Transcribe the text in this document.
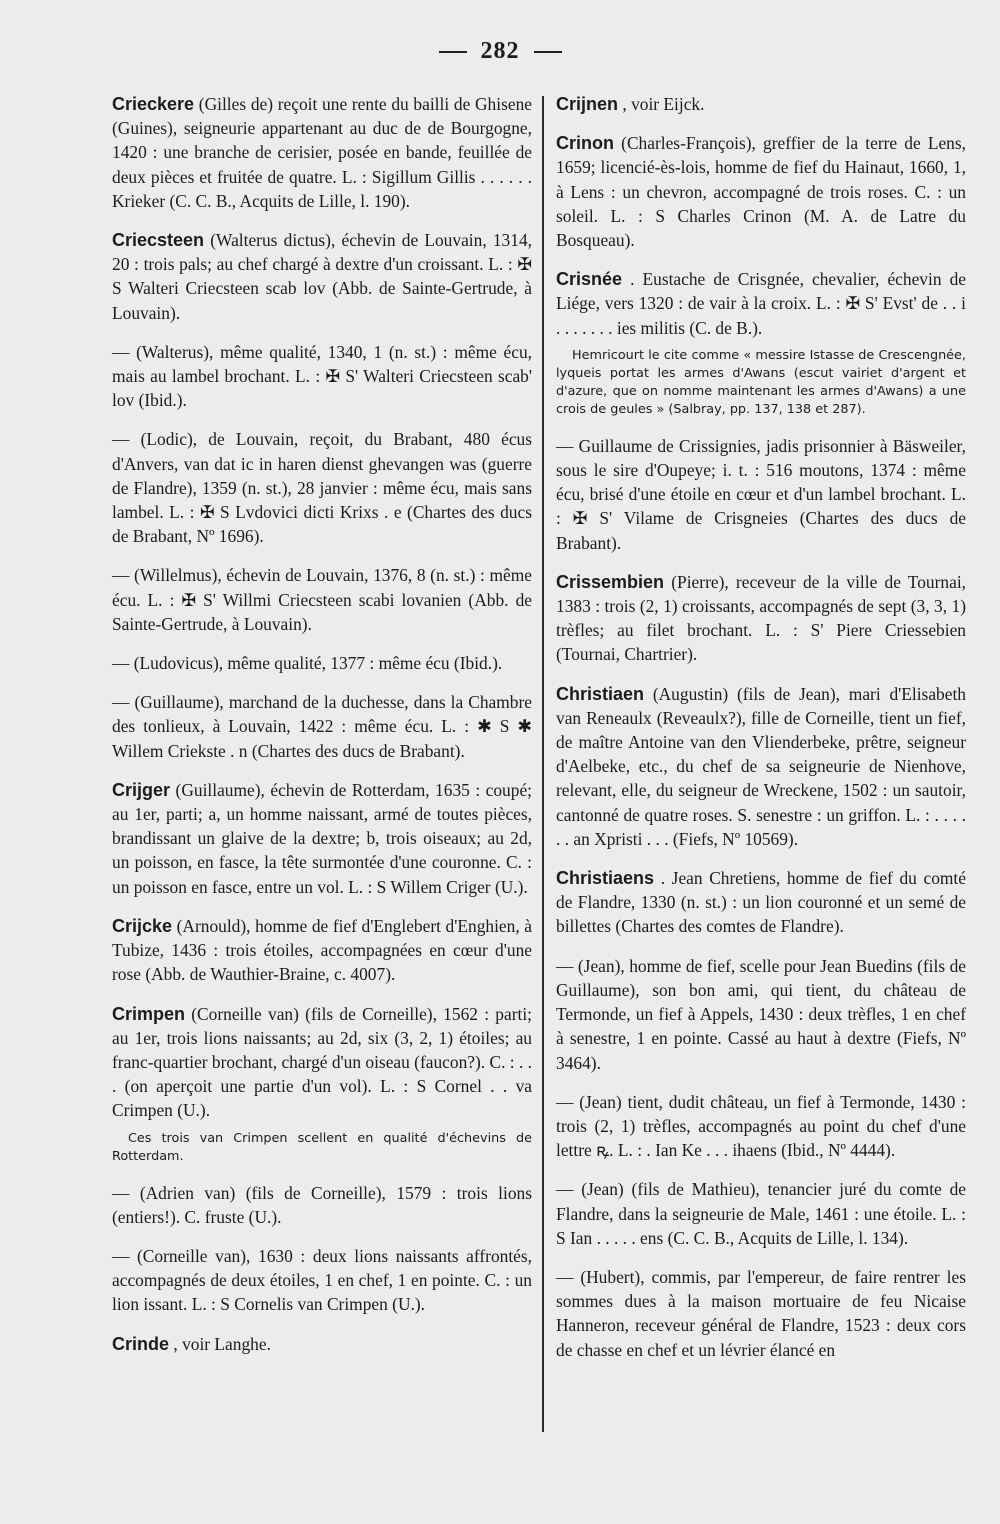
282

Crieckere (Gilles de) reçoit une rente du bailli de Ghisene (Guines), seigneurie appartenant au duc de de Bourgogne, 1420 : une branche de cerisier, posée en bande, feuillée de deux pièces et fruitée de quatre. L. : Sigillum Gillis . . . . . . Krieker (C. C. B., Acquits de Lille, l. 190).

Criecsteen (Walterus dictus), échevin de Louvain, 1314, 20 : trois pals; au chef chargé à dextre d'un croissant. L. : ✠ S Walteri Criecsteen scab lov (Abb. de Sainte-Gertrude, à Louvain).

— (Walterus), même qualité, 1340, 1 (n. st.) : même écu, mais au lambel brochant. L. : ✠ S' Walteri Criecsteen scab' lov (Ibid.).

— (Lodic), de Louvain, reçoit, du Brabant, 480 écus d'Anvers, van dat ic in haren dienst ghevangen was (guerre de Flandre), 1359 (n. st.), 28 janvier : même écu, mais sans lambel. L. : ✠ S Lvdovici dicti Krixs . e (Chartes des ducs de Brabant, Nº 1696).

— (Willelmus), échevin de Louvain, 1376, 8 (n. st.) : même écu. L. : ✠ S' Willmi Criecsteen scabi lovanien (Abb. de Sainte-Gertrude, à Louvain).

— (Ludovicus), même qualité, 1377 : même écu (Ibid.).

— (Guillaume), marchand de la duchesse, dans la Chambre des tonlieux, à Louvain, 1422 : même écu. L. : ✱ S ✱ Willem Criekste . n (Chartes des ducs de Brabant).

Crijger (Guillaume), échevin de Rotterdam, 1635 : coupé; au 1er, parti; a, un homme naissant, armé de toutes pièces, brandissant un glaive de la dextre; b, trois oiseaux; au 2d, un poisson, en fasce, la tête surmontée d'une couronne. C. : un poisson en fasce, entre un vol. L. : S Willem Criger (U.).

Crijcke (Arnould), homme de fief d'Englebert d'Enghien, à Tubize, 1436 : trois étoiles, accompagnées en cœur d'une rose (Abb. de Wauthier-Braine, c. 4007).

Crimpen (Corneille van) (fils de Corneille), 1562 : parti; au 1er, trois lions naissants; au 2d, six (3, 2, 1) étoiles; au franc-quartier brochant, chargé d'un oiseau (faucon?). C. : . . . (on aperçoit une partie d'un vol). L. : S Cornel . . va Crimpen (U.).

Ces trois van Crimpen scellent en qualité d'échevins de Rotterdam.

— (Adrien van) (fils de Corneille), 1579 : trois lions (entiers!). C. fruste (U.).

— (Corneille van), 1630 : deux lions naissants affrontés, accompagnés de deux étoiles, 1 en chef, 1 en pointe. C. : un lion issant. L. : S Cornelis van Crimpen (U.).

Crinde , voir Langhe.

Crijnen , voir Eijck.

Crinon (Charles-François), greffier de la terre de Lens, 1659; licencié-ès-lois, homme de fief du Hainaut, 1660, 1, à Lens : un chevron, accompagné de trois roses. C. : un soleil. L. : S Charles Crinon (M. A. de Latre du Bosqueau).

Crisnée . Eustache de Crisgnée, chevalier, échevin de Liége, vers 1320 : de vair à la croix. L. : ✠ S' Evst' de . . i . . . . . . . ies militis (C. de B.).

Hemricourt le cite comme « messire Istasse de Crescengnée, lyqueis portat les armes d'Awans (escut vairiet d'argent et d'azure, que on nomme maintenant les armes d'Awans) a une crois de geules » (Salbray, pp. 137, 138 et 287).

— Guillaume de Crissignies, jadis prisonnier à Bäsweiler, sous le sire d'Oupeye; i. t. : 516 moutons, 1374 : même écu, brisé d'une étoile en cœur et d'un lambel brochant. L. : ✠ S' Vilame de Crisgneies (Chartes des ducs de Brabant).

Crissembien (Pierre), receveur de la ville de Tournai, 1383 : trois (2, 1) croissants, accompagnés de sept (3, 3, 1) trèfles; au filet brochant. L. : S' Piere Criessebien (Tournai, Chartrier).

Christiaen (Augustin) (fils de Jean), mari d'Elisabeth van Reneaulx (Reveaulx?), fille de Corneille, tient un fief, de maître Antoine van den Vlienderbeke, prêtre, seigneur d'Aelbeke, etc., du chef de sa seigneurie de Nienhove, relevant, elle, du seigneur de Wreckene, 1502 : un sautoir, cantonné de quatre roses. S. senestre : un griffon. L. : . . . . . . an Xpristi . . . (Fiefs, Nº 10569).

Christiaens . Jean Chretiens, homme de fief du comté de Flandre, 1330 (n. st.) : un lion couronné et un semé de billettes (Chartes des comtes de Flandre).

— (Jean), homme de fief, scelle pour Jean Buedins (fils de Guillaume), son bon ami, qui tient, du château de Termonde, un fief à Appels, 1430 : deux trèfles, 1 en chef à senestre, 1 en pointe. Cassé au haut à dextre (Fiefs, Nº 3464).

— (Jean) tient, dudit château, un fief à Termonde, 1430 : trois (2, 1) trèfles, accompagnés au point du chef d'une lettre ꝶ. L. : . Ian Ke . . . ihaens (Ibid., Nº 4444).

— (Jean) (fils de Mathieu), tenancier juré du comte de Flandre, dans la seigneurie de Male, 1461 : une étoile. L. : S Ian . . . . . ens (C. C. B., Acquits de Lille, l. 134).

— (Hubert), commis, par l'empereur, de faire rentrer les sommes dues à la maison mortuaire de feu Nicaise Hanneron, receveur général de Flandre, 1523 : deux cors de chasse en chef et un lévrier élancé en
